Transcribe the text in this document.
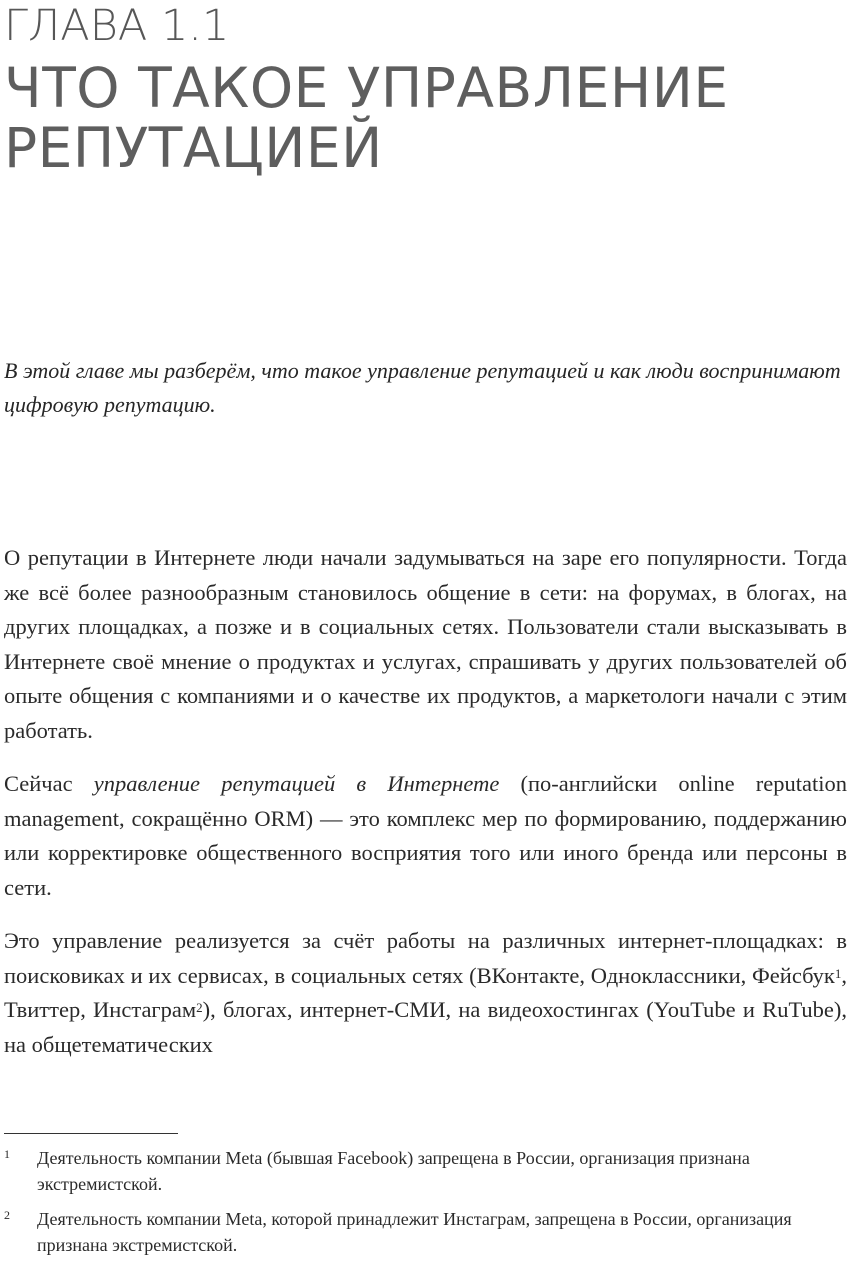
ГЛАВА 1.1
ЧТО ТАКОЕ УПРАВЛЕНИЕ РЕПУТАЦИЕЙ

В этой главе мы разберём, что такое управление репутацией и как люди воспринимают цифровую репутацию.

О репутации в Интернете люди начали задумываться на заре его популярности. Тогда же всё более разнообразным становилось общение в сети: на форумах, в блогах, на других площадках, а позже и в социальных сетях. Пользователи стали высказывать в Интернете своё мнение о продуктах и услугах, спрашивать у других пользователей об опыте общения с компаниями и о качестве их продуктов, а маркетологи начали с этим работать.

Сейчас управление репутацией в Интернете (по-английски online reputation management, сокращённо ORM) — это комплекс мер по формированию, поддержанию или корректировке общественного восприятия того или иного бренда или персоны в сети.

Это управление реализуется за счёт работы на различных интернет-площадках: в поисковиках и их сервисах, в социальных сетях (ВКонтакте, Одноклассники, Фейсбук$^1$, Твиттер, Инстаграм$^2$), блогах, интернет-СМИ, на видеохостингах (YouTube и RuTube), на общетематических

1 Деятельность компании Meta (бывшая Facebook) запрещена в России, организация признана экстремистской.
2 Деятельность компании Meta, которой принадлежит Инстаграм, запрещена в России, организация признана экстремистской.
